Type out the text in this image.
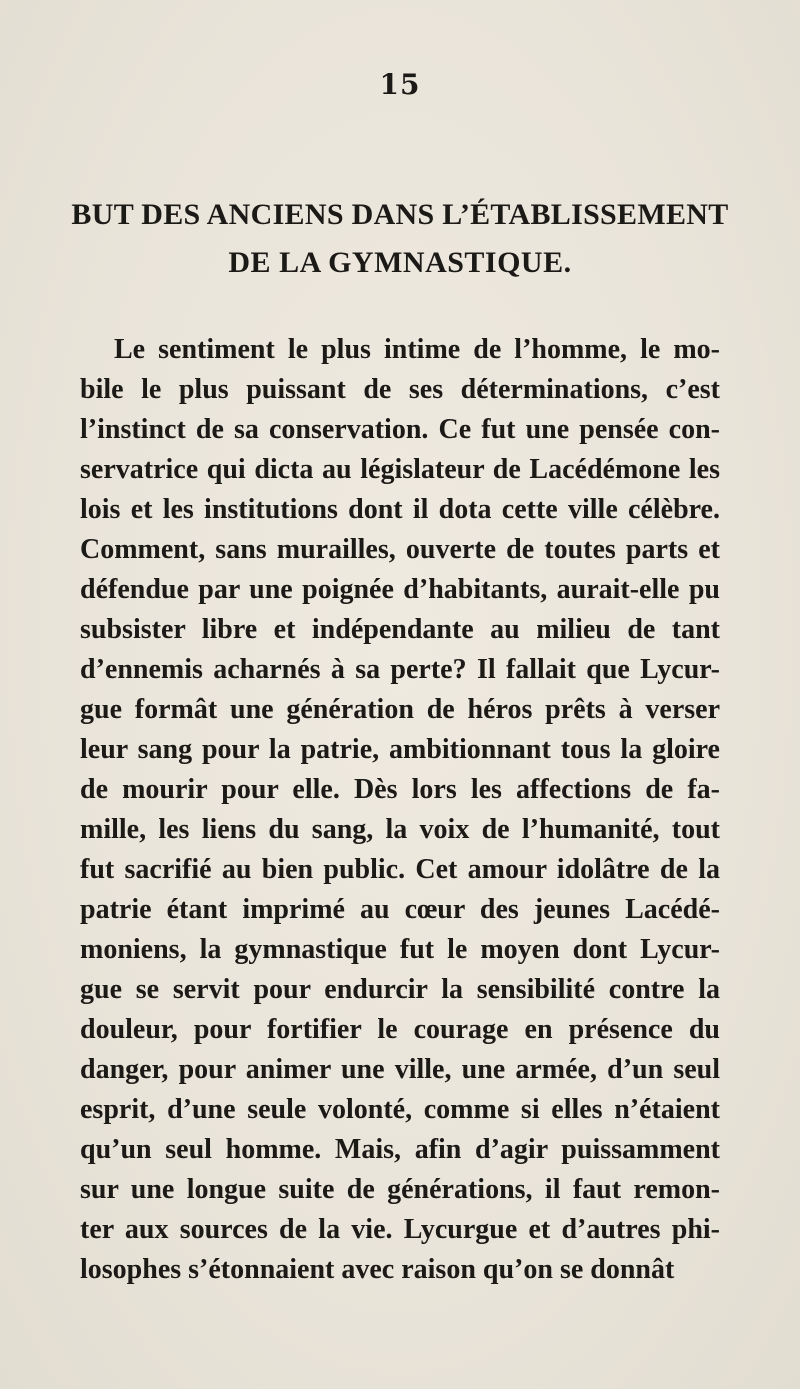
15
BUT DES ANCIENS DANS L’ÉTABLISSEMENT
DE LA GYMNASTIQUE.
Le sentiment le plus intime de l’homme, le mo-
bile le plus puissant de ses déterminations, c’est
l’instinct de sa conservation. Ce fut une pensée con-
servatrice qui dicta au législateur de Lacédémone les
lois et les institutions dont il dota cette ville célèbre.
Comment, sans murailles, ouverte de toutes parts et
défendue par une poignée d’habitants, aurait-elle pu
subsister libre et indépendante au milieu de tant
d’ennemis acharnés à sa perte? Il fallait que Lycur-
gue formât une génération de héros prêts à verser
leur sang pour la patrie, ambitionnant tous la gloire
de mourir pour elle. Dès lors les affections de fa-
mille, les liens du sang, la voix de l’humanité, tout
fut sacrifié au bien public. Cet amour idolâtre de la
patrie étant imprimé au cœur des jeunes Lacédé-
moniens, la gymnastique fut le moyen dont Lycur-
gue se servit pour endurcir la sensibilité contre la
douleur, pour fortifier le courage en présence du
danger, pour animer une ville, une armée, d’un seul
esprit, d’une seule volonté, comme si elles n’étaient
qu’un seul homme. Mais, afin d’agir puissamment
sur une longue suite de générations, il faut remon-
ter aux sources de la vie. Lycurgue et d’autres phi-
losophes s’étonnaient avec raison qu’on se donnât
